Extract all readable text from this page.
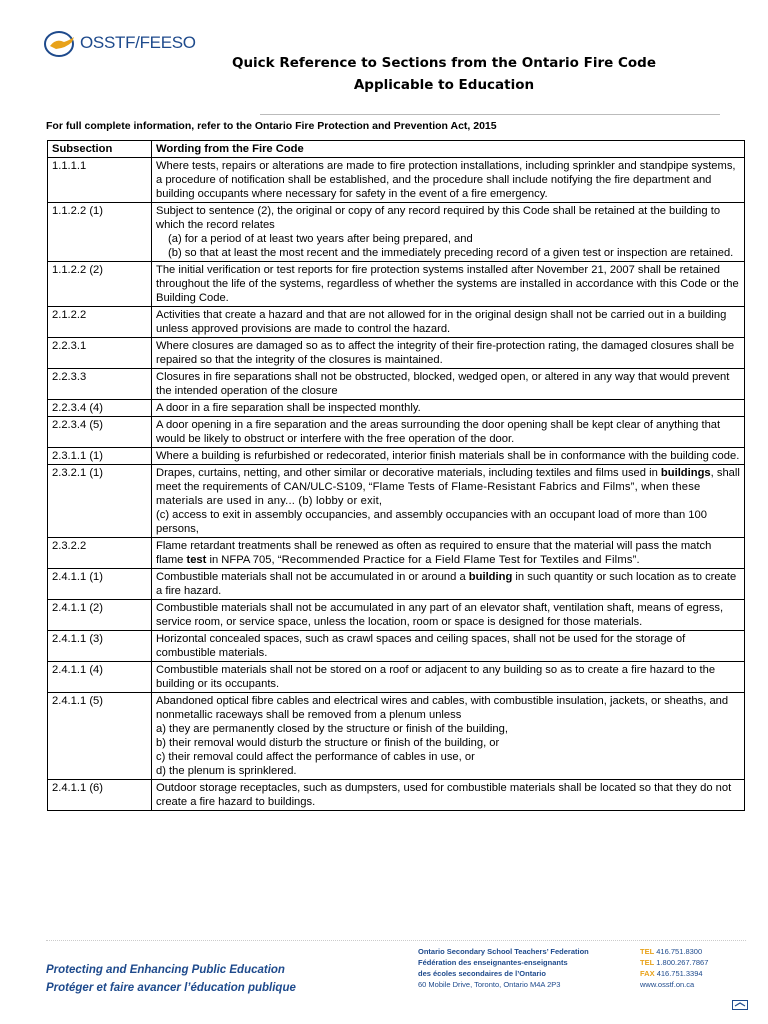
OSSTF/FEESO
Quick Reference to Sections from the Ontario Fire Code
Applicable to Education
For full complete information, refer to the Ontario Fire Protection and Prevention Act, 2015
Subsection	Wording from the Fire Code
1.1.1.1	Where tests, repairs or alterations are made to fire protection installations, including sprinkler and standpipe systems, a procedure of notification shall be established, and the procedure shall include notifying the fire department and building occupants where necessary for safety in the event of a fire emergency.
1.1.2.2 (1)	Subject to sentence (2), the original or copy of any record required by this Code shall be retained at the building to which the record relates
(a) for a period of at least two years after being prepared, and
(b) so that at least the most recent and the immediately preceding record of a given test or inspection are retained.

1.1.2.2 (2)	The initial verification or test reports for fire protection systems installed after November 21, 2007 shall be retained throughout the life of the systems, regardless of whether the systems are installed in accordance with this Code or the Building Code.
2.1.2.2	Activities that create a hazard and that are not allowed for in the original design shall not be carried out in a building unless approved provisions are made to control the hazard.
2.2.3.1	Where closures are damaged so as to affect the integrity of their fire-protection rating, the damaged closures shall be repaired so that the integrity of the closures is maintained.
2.2.3.3	Closures in fire separations shall not be obstructed, blocked, wedged open, or altered in any way that would prevent the intended operation of the closure
2.2.3.4 (4)	A door in a fire separation shall be inspected monthly.
2.2.3.4 (5)	A door opening in a fire separation and the areas surrounding the door opening shall be kept clear of anything that would be likely to obstruct or interfere with the free operation of the door.
2.3.1.1 (1)	Where a building is refurbished or redecorated, interior finish materials shall be in conformance with the building code.
2.3.2.1 (1)	Drapes, curtains, netting, and other similar or decorative materials, including textiles and films used in buildings, shall meet the requirements of CAN/ULC-S109, “Flame Tests of Flame-Resistant Fabrics and Films”, when these materials are used in any... (b) lobby or exit,
(c) access to exit in assembly occupancies, and assembly occupancies with an occupant load of more than 100 persons,
2.3.2.2	Flame retardant treatments shall be renewed as often as required to ensure that the material will pass the match flame test in NFPA 705, “Recommended Practice for a Field Flame Test for Textiles and Films”.
2.4.1.1 (1)	Combustible materials shall not be accumulated in or around a building in such quantity or such location as to create a fire hazard.
2.4.1.1 (2)	Combustible materials shall not be accumulated in any part of an elevator shaft, ventilation shaft, means of egress, service room, or service space, unless the location, room or space is designed for those materials.
2.4.1.1 (3)	Horizontal concealed spaces, such as crawl spaces and ceiling spaces, shall not be used for the storage of combustible materials.
2.4.1.1 (4)	Combustible materials shall not be stored on a roof or adjacent to any building so as to create a fire hazard to the building or its occupants.
2.4.1.1 (5)	Abandoned optical fibre cables and electrical wires and cables, with combustible insulation, jackets, or sheaths, and nonmetallic raceways shall be removed from a plenum unless
a) they are permanently closed by the structure or finish of the building,
b) their removal would disturb the structure or finish of the building, or
c) their removal could affect the performance of cables in use, or
d) the plenum is sprinklered.

2.4.1.1 (6)	Outdoor storage receptacles, such as dumpsters, used for combustible materials shall be located so that they do not create a fire hazard to buildings.
Protecting and Enhancing Public Education
Protéger et faire avancer l’éducation publique
Ontario Secondary School Teachers’ Federation
Fédération des enseignantes-enseignants
des écoles secondaires de l’Ontario
60 Mobile Drive, Toronto, Ontario M4A 2P3
TEL 416.751.8300
TEL 1.800.267.7867
FAX 416.751.3394
www.osstf.on.ca
